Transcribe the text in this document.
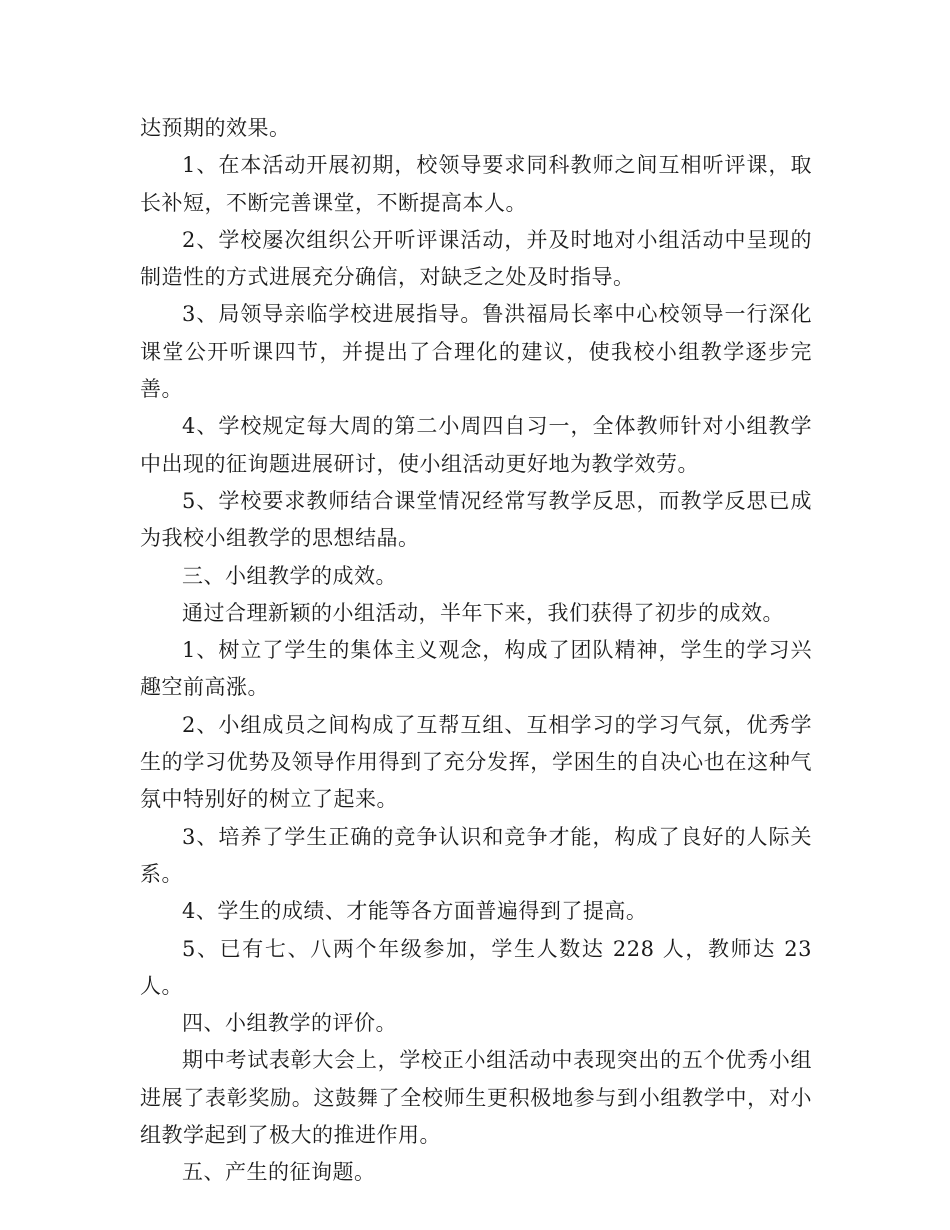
达预期的效果。

1、在本活动开展初期，校领导要求同科教师之间互相听评课，取长补短，不断完善课堂，不断提高本人。

2、学校屡次组织公开听评课活动，并及时地对小组活动中呈现的制造性的方式进展充分确信，对缺乏之处及时指导。

3、局领导亲临学校进展指导。鲁洪福局长率中心校领导一行深化课堂公开听课四节，并提出了合理化的建议，使我校小组教学逐步完善。

4、学校规定每大周的第二小周四自习一，全体教师针对小组教学中出现的征询题进展研讨，使小组活动更好地为教学效劳。

5、学校要求教师结合课堂情况经常写教学反思，而教学反思已成为我校小组教学的思想结晶。

三、小组教学的成效。

通过合理新颖的小组活动，半年下来，我们获得了初步的成效。

1、树立了学生的集体主义观念，构成了团队精神，学生的学习兴趣空前高涨。

2、小组成员之间构成了互帮互组、互相学习的学习气氛，优秀学生的学习优势及领导作用得到了充分发挥，学困生的自决心也在这种气氛中特别好的树立了起来。

3、培养了学生正确的竞争认识和竞争才能，构成了良好的人际关系。

4、学生的成绩、才能等各方面普遍得到了提高。

5、已有七、八两个年级参加，学生人数达 228 人，教师达 23 人。

四、小组教学的评价。

期中考试表彰大会上，学校正小组活动中表现突出的五个优秀小组进展了表彰奖励。这鼓舞了全校师生更积极地参与到小组教学中，对小组教学起到了极大的推进作用。

五、产生的征询题。
